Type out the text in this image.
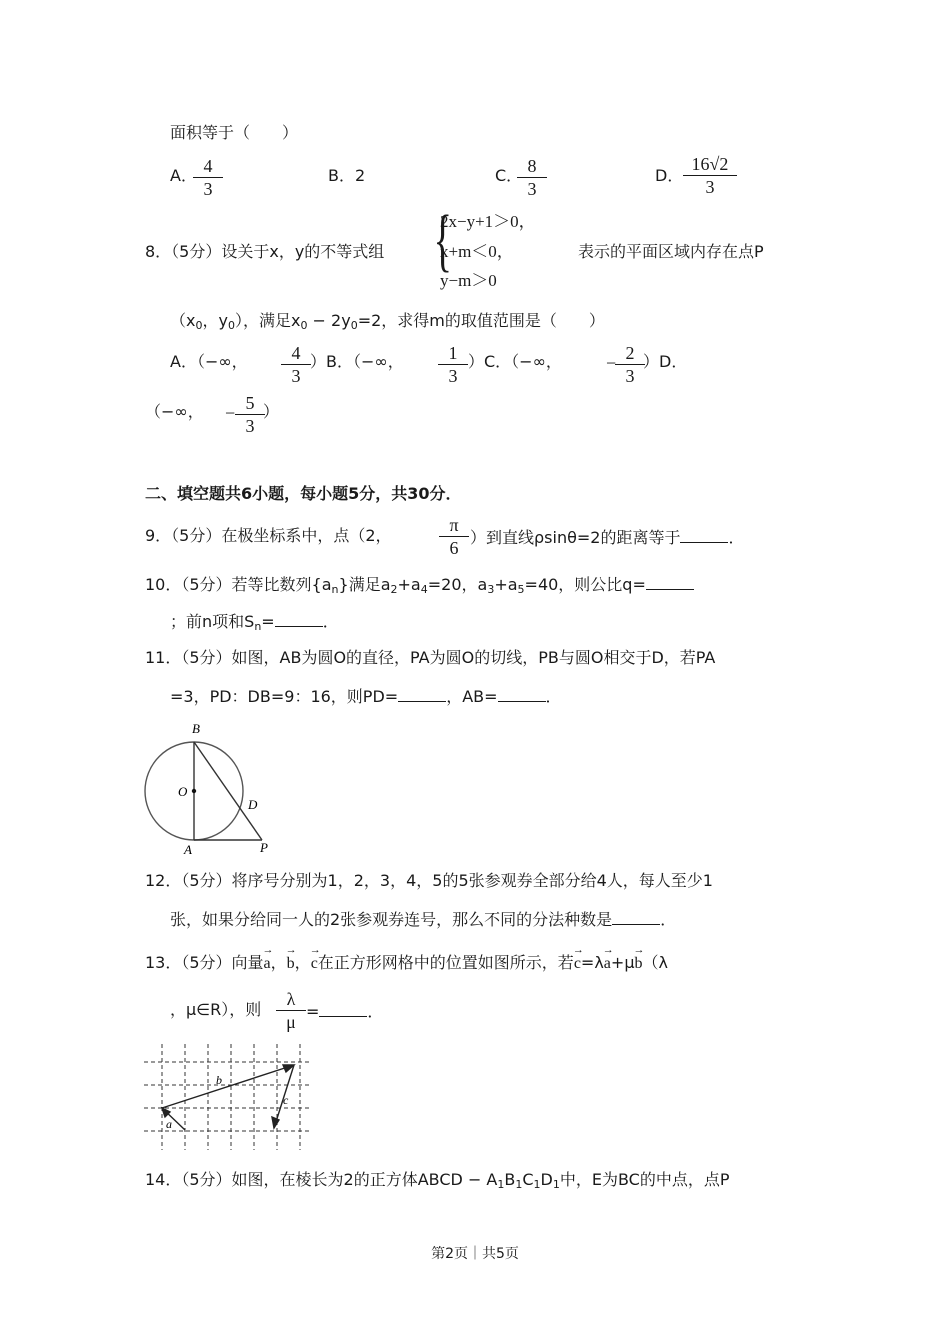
面积等于（　　）
A． 4
3
B．2	C． 8
3
D．
16√2
3
8．（5分）设关于x，y的不等式组 {
2x−y+1＞0，
x+m＜0，
y−m＞0
表示的平面区域内存在点P
（$x_0$，$y_0$），满足$x_0 - 2y_0=2$，求得m的取值范围是（　　）
A．（−∞，	4
3
）B．（−∞，	1
3
）C．（−∞， − 2
3
）D．
（−∞， − 5
3
）
二、填空题共6小题，每小题5分，共30分．
9．（5分）在极坐标系中，点（2，
π
6
）到直线ρsinθ=2的距离等于	．
10．（5分）若等比数列$\{a_n\}$满足$a_2+a_4=20$，$a_3+a_5=40$，则公比q=
；前n项和$S_n=$	．
11．（5分）如图，AB为圆O的直径，PA为圆O的切线，PB与圆O相交于D，若PA
=3，PD：DB=9：16，则PD=	，AB=	．
B
O
D
A	P
12．（5分）将序号分别为1，2，3，4，5的5张参观券全部分给4人，每人至少1
张，如果分给同一人的2张参观券连号，那么不同的分法种数是	．
13．（5分）向量→ a，→ b，→ c在正方形网格中的位置如图所示，若→ c=λ→ a+μ→ b（λ
，μ∈R），则
λ
μ
=	．
b
c
a
14．（5分）如图，在棱长为2的正方体ABCD − $A_1B_1C_1D_1$中，E为BC的中点，点P
第2页｜共5页
